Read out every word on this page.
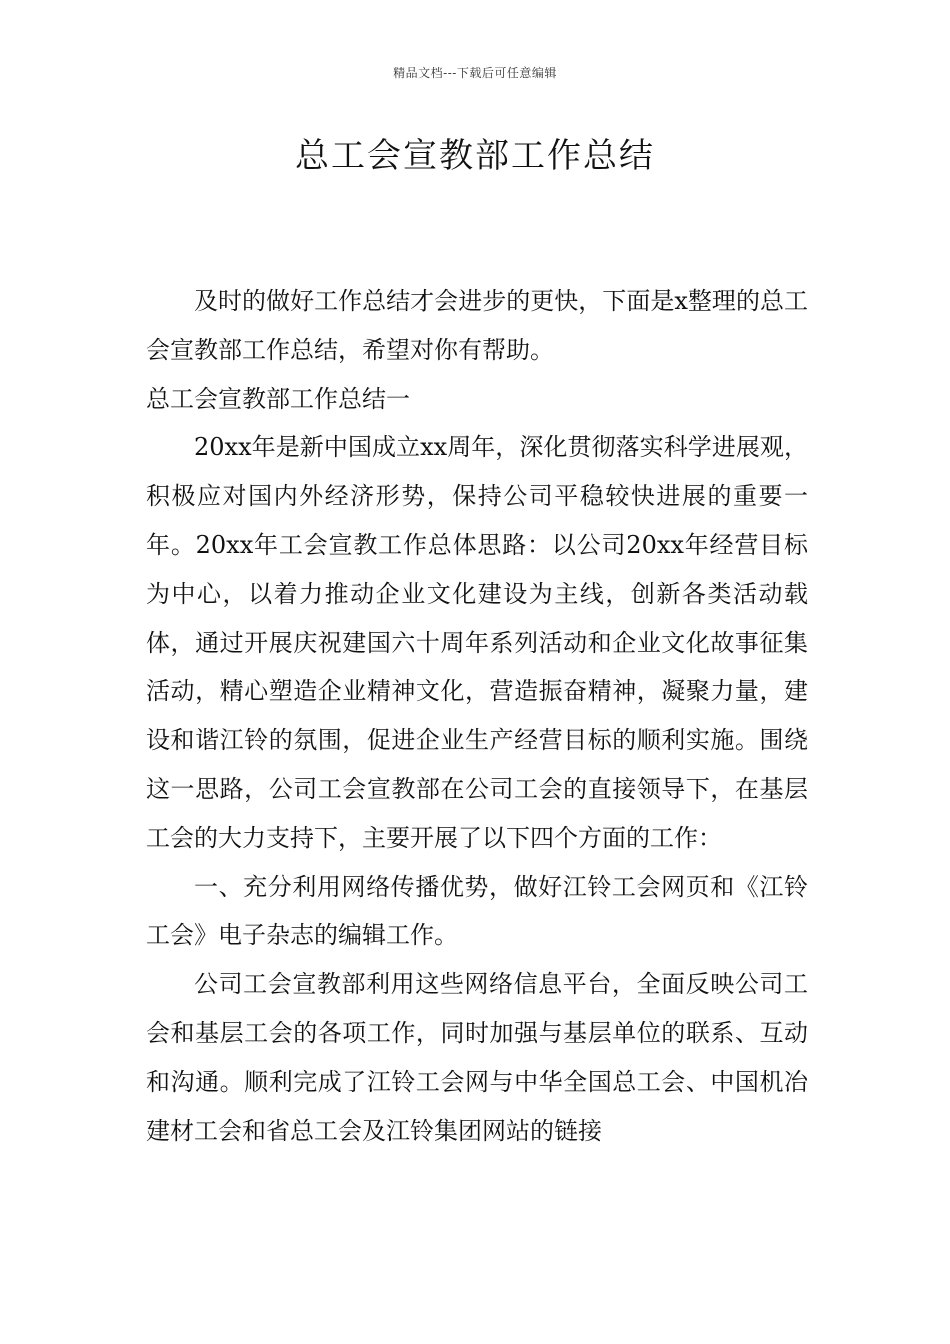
精品文档---下载后可任意编辑
总工会宣教部工作总结

及时的做好工作总结才会进步的更快，下面是x整理的总工会宣教部工作总结，希望对你有帮助。

总工会宣教部工作总结一

20xx年是新中国成立xx周年，深化贯彻落实科学进展观，积极应对国内外经济形势，保持公司平稳较快进展的重要一年。20xx年工会宣教工作总体思路：以公司20xx年经营目标为中心，以着力推动企业文化建设为主线，创新各类活动载体，通过开展庆祝建国六十周年系列活动和企业文化故事征集活动，精心塑造企业精神文化，营造振奋精神，凝聚力量，建设和谐江铃的氛围，促进企业生产经营目标的顺利实施。围绕这一思路，公司工会宣教部在公司工会的直接领导下，在基层工会的大力支持下，主要开展了以下四个方面的工作：

一、充分利用网络传播优势，做好江铃工会网页和《江铃工会》电子杂志的编辑工作。

公司工会宣教部利用这些网络信息平台，全面反映公司工会和基层工会的各项工作，同时加强与基层单位的联系、互动和沟通。顺利完成了江铃工会网与中华全国总工会、中国机冶建材工会和省总工会及江铃集团网站的链接
